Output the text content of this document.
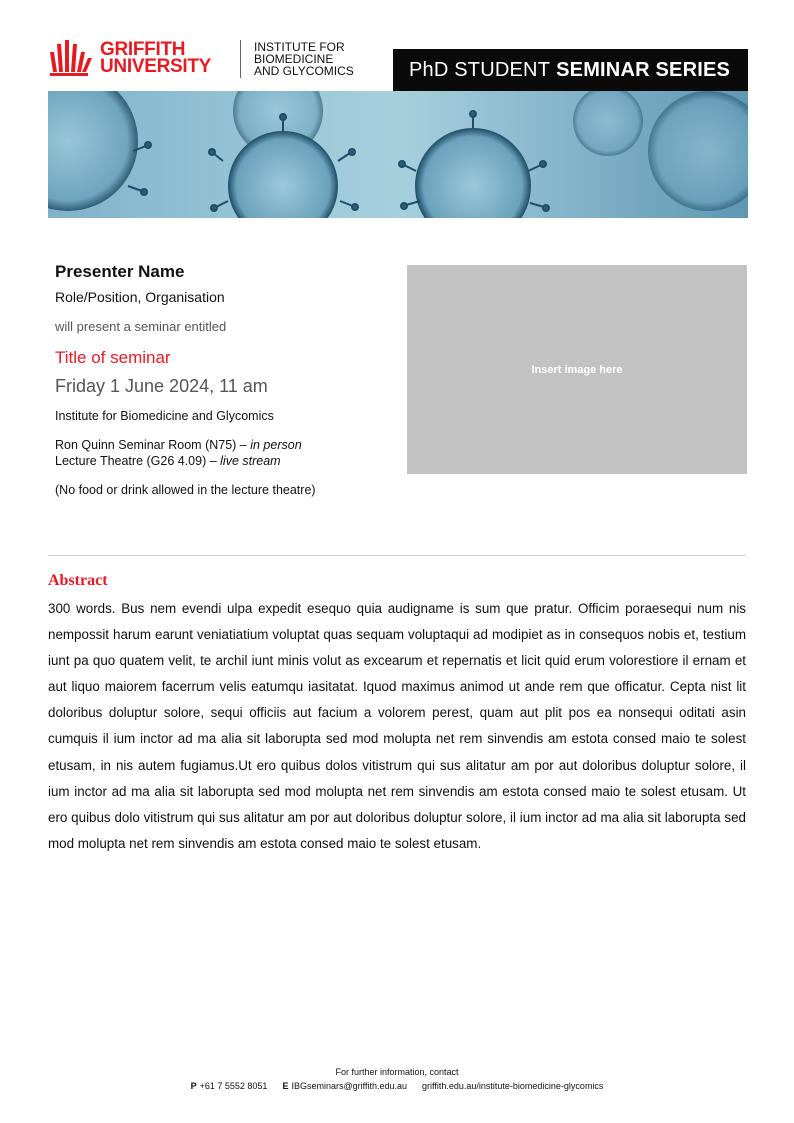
GRIFFITH
UNIVERSITY
INSTITUTE FOR
BIOMEDICINE
AND GLYCOMICS	PhD STUDENT SEMINAR SERIES
Presenter Name
Role/Position, Organisation
will present a seminar entitled
Title of seminar
Friday 1 June 2024, 11 am
Institute for Biomedicine and Glycomics
Ron Quinn Seminar Room (N75) – in person
Lecture Theatre (G26 4.09) – live stream
(No food or drink allowed in the lecture theatre)
Insert image here
Abstract
300 words. Bus nem evendi ulpa expedit esequo quia audigname is sum que pratur. Officim poraesequi num nis nempossit harum earunt veniatiatium voluptat quas sequam voluptaqui ad modipiet as in consequos nobis et, testium iunt pa quo quatem velit, te archil iunt minis volut as excearum et repernatis et licit quid erum volorestiore il ernam et aut liquo maiorem facerrum velis eatumqu iasitatat. Iquod maximus animod ut ande rem que officatur. Cepta nist lit doloribus doluptur solore, sequi officiis aut facium a volorem perest, quam aut plit pos ea nonsequi oditati asin cumquis il ium inctor ad ma alia sit laborupta sed mod molupta net rem sinvendis am estota consed maio te solest etusam, in nis autem fugiamus.Ut ero quibus dolos vitistrum qui sus alitatur am por aut doloribus doluptur solore, il ium inctor ad ma alia sit laborupta sed mod molupta net rem sinvendis am estota consed maio te solest etusam. Ut ero quibus dolo vitistrum qui sus alitatur am por aut doloribus doluptur solore, il ium inctor ad ma alia sit laborupta sed mod molupta net rem sinvendis am estota consed maio te solest etusam.
For further information, contact
P +61 7 5552 8051 E IBGseminars@griffith.edu.au griffith.edu.au/institute-biomedicine-glycomics
